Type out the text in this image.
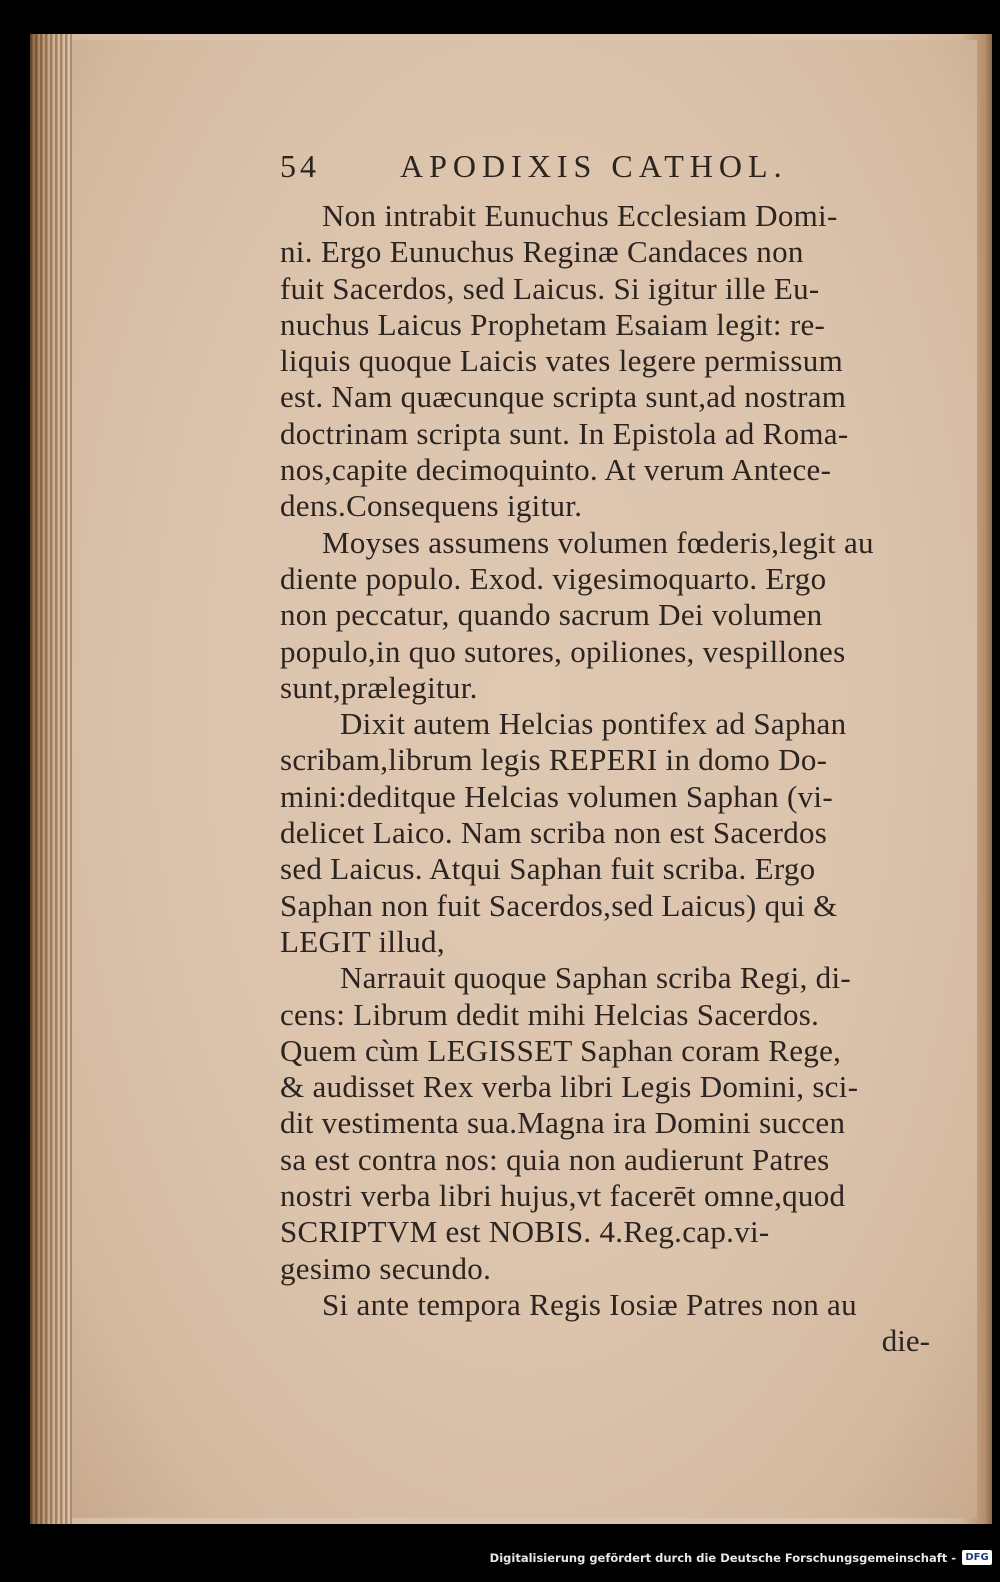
54	APODIXIS CATHOL.
Non intrabit Eunuchus Ecclesiam Domi-
ni. Ergo Eunuchus Reginæ Candaces non
fuit Sacerdos, sed Laicus. Si igitur ille Eu-
nuchus Laicus Prophetam Esaiam legit: re-
liquis quoque Laicis vates legere permissum
est. Nam quæcunque scripta sunt,ad nostram
doctrinam scripta sunt. In Epistola ad Roma-
nos,capite decimoquinto. At verum Antece-
dens.Consequens igitur.
Moyses assumens volumen fœderis,legit au
diente populo. Exod. vigesimoquarto. Ergo
non peccatur, quando sacrum Dei volumen
populo,in quo sutores, opiliones, vespillones
sunt,prælegitur.
Dixit autem Helcias pontifex ad Saphan
scribam,librum legis REPERI in domo Do-
mini:deditque Helcias volumen Saphan (vi-
delicet Laico. Nam scriba non est Sacerdos
sed Laicus. Atqui Saphan fuit scriba. Ergo
Saphan non fuit Sacerdos,sed Laicus) qui &
LEGIT illud,
Narrauit quoque Saphan scriba Regi, di-
cens: Librum dedit mihi Helcias Sacerdos.
Quem cùm LEGISSET Saphan coram Rege,
& audisset Rex verba libri Legis Domini, sci-
dit vestimenta sua.Magna ira Domini succen
sa est contra nos: quia non audierunt Patres
nostri verba libri hujus,vt facerēt omne,quod
SCRIPTVM est NOBIS. 4.Reg.cap.vi-
gesimo secundo.
Si ante tempora Regis Iosiæ Patres non au
die-
Digitalisierung gefördert durch die Deutsche Forschungsgemeinschaft - DFG
